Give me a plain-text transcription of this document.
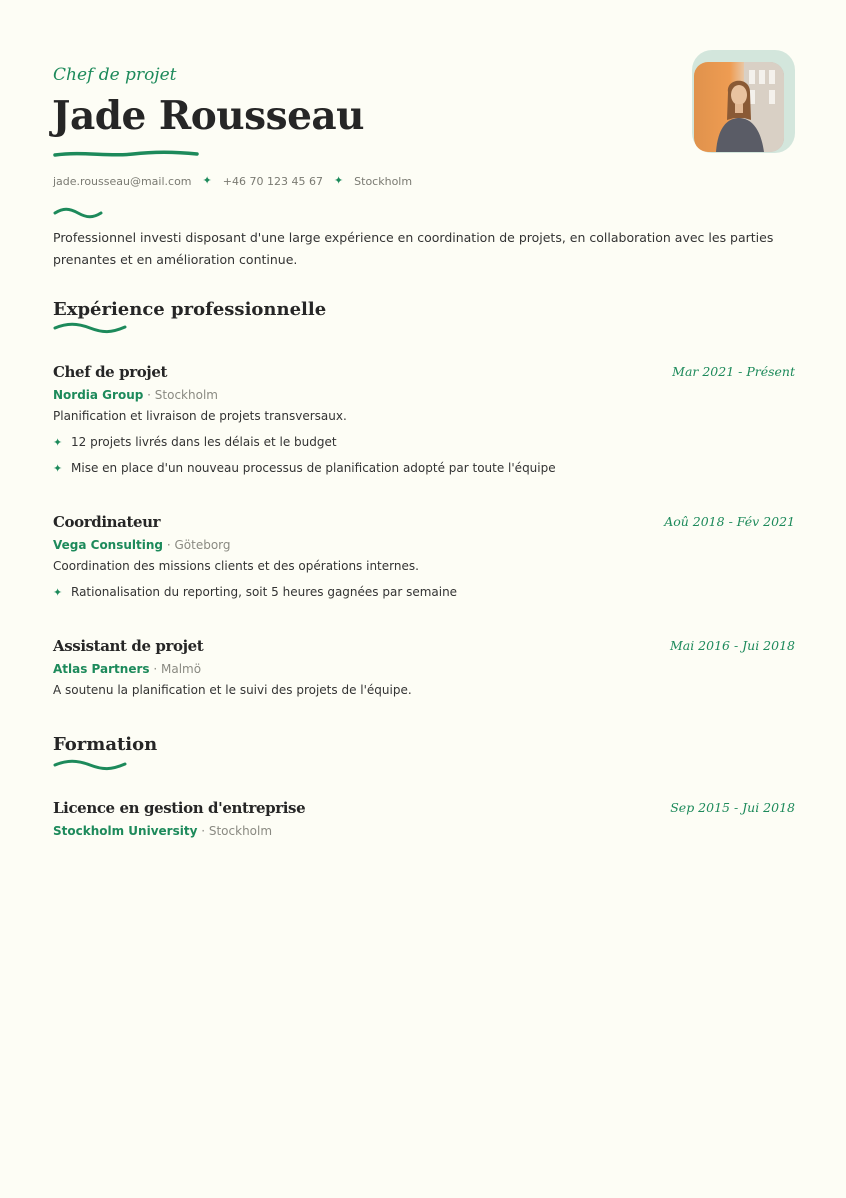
Chef de projet
Jade Rousseau
jade.rousseau@mail.com ✦ +46 70 123 45 67 ✦ Stockholm

Professionnel investi disposant d'une large expérience en coordination de projets, en collaboration avec les parties prenantes et en amélioration continue.

Expérience professionnelle
Chef de projet	Mar 2021 - Présent
Nordia Group · Stockholm
Planification et livraison de projets transversaux.
✦ 12 projets livrés dans les délais et le budget
✦ Mise en place d'un nouveau processus de planification adopté par toute l'équipe
Coordinateur	Aoû 2018 - Fév 2021
Vega Consulting · Göteborg
Coordination des missions clients et des opérations internes.
✦ Rationalisation du reporting, soit 5 heures gagnées par semaine
Assistant de projet	Mai 2016 - Jui 2018
Atlas Partners · Malmö
A soutenu la planification et le suivi des projets de l'équipe.
Formation
Licence en gestion d'entreprise	Sep 2015 - Jui 2018
Stockholm University · Stockholm
